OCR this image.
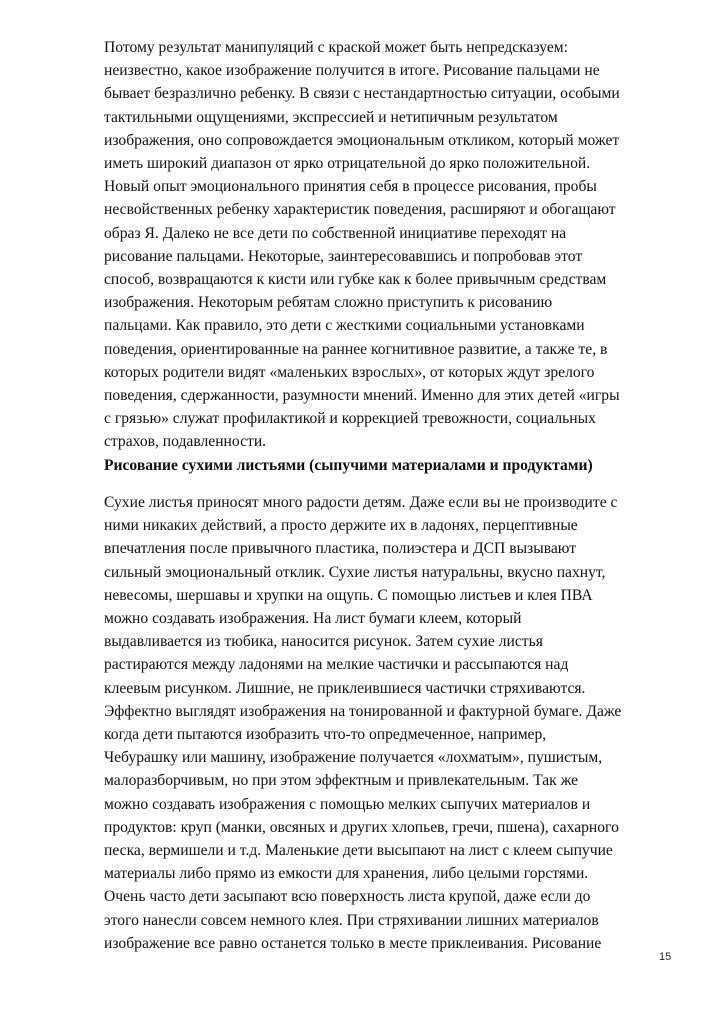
Потому результат манипуляций с краской может быть непредсказуем:
неизвестно, какое изображение получится в итоге. Рисование пальцами не
бывает безразлично ребенку. В связи с нестандартностью ситуации, особыми
тактильными ощущениями, экспрессией и нетипичным результатом
изображения, оно сопровождается эмоциональным откликом, который может
иметь широкий диапазон от ярко отрицательной до ярко положительной.
Новый опыт эмоционального принятия себя в процессе рисования, пробы
несвойственных ребенку характеристик поведения, расширяют и обогащают
образ Я. Далеко не все дети по собственной инициативе переходят на
рисование пальцами. Некоторые, заинтересовавшись и попробовав этот
способ, возвращаются к кисти или губке как к более привычным средствам
изображения. Некоторым ребятам сложно приступить к рисованию
пальцами. Как правило, это дети с жесткими социальными установками
поведения, ориентированные на раннее когнитивное развитие, а также те, в
которых родители видят «маленьких взрослых», от которых ждут зрелого
поведения, сдержанности, разумности мнений. Именно для этих детей «игры
с грязью» служат профилактикой и коррекцией тревожности, социальных
страхов, подавленности.
Рисование сухими листьями (сыпучими материалами и продуктами)
Сухие листья приносят много радости детям. Даже если вы не производите с
ними никаких действий, а просто держите их в ладонях, перцептивные
впечатления после привычного пластика, полиэстера и ДСП вызывают
сильный эмоциональный отклик. Сухие листья натуральны, вкусно пахнут,
невесомы, шершавы и хрупки на ощупь. С помощью листьев и клея ПВА
можно создавать изображения. На лист бумаги клеем, который
выдавливается из тюбика, наносится рисунок. Затем сухие листья
растираются между ладонями на мелкие частички и рассыпаются над
клеевым рисунком. Лишние, не приклеившиеся частички стряхиваются.
Эффектно выглядят изображения на тонированной и фактурной бумаге. Даже
когда дети пытаются изобразить что-то опредмеченное, например,
Чебурашку или машину, изображение получается «лохматым», пушистым,
малоразборчивым, но при этом эффектным и привлекательным. Так же
можно создавать изображения с помощью мелких сыпучих материалов и
продуктов: круп (манки, овсяных и других хлопьев, гречи, пшена), сахарного
песка, вермишели и т.д. Маленькие дети высыпают на лист с клеем сыпучие
материалы либо прямо из емкости для хранения, либо целыми горстями.
Очень часто дети засыпают всю поверхность листа крупой, даже если до
этого нанесли совсем немного клея. При стряхивании лишних материалов
изображение все равно останется только в месте приклеивания. Рисование
15
